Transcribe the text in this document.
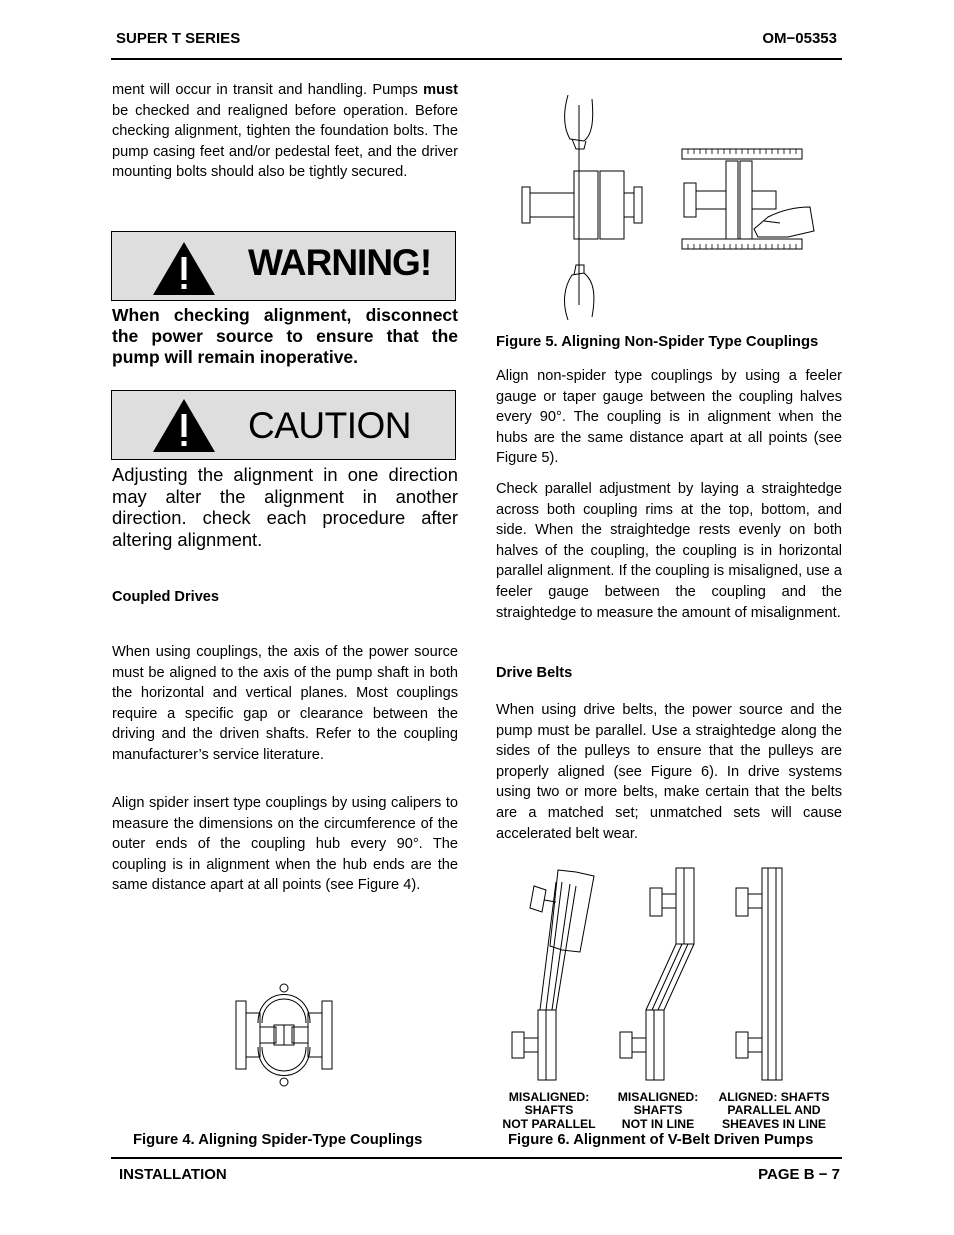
SUPER T SERIES	OM−05353

ment will occur in transit and handling. Pumps must be checked and realigned before operation. Before checking alignment, tighten the foundation bolts. The pump casing feet and/or pedestal feet, and the driver mounting bolts should also be tightly secured.

WARNING!
When checking alignment, disconnect the power source to ensure that the pump will remain inoperative.
CAUTION
Adjusting the alignment in one direction may alter the alignment in another direction. check each procedure after altering alignment.
Coupled Drives

When using couplings, the axis of the power source must be aligned to the axis of the pump shaft in both the horizontal and vertical planes. Most couplings require a specific gap or clearance between the driving and the driven shafts. Refer to the coupling manufacturer’s service literature.

Align spider insert type couplings by using calipers to measure the dimensions on the circumference of the outer ends of the coupling hub every 90°. The coupling is in alignment when the hub ends are the same distance apart at all points (see Figure 4).

Figure 4. Aligning Spider-Type Couplings
Figure 5. Aligning Non-Spider Type Couplings

Align non-spider type couplings by using a feeler gauge or taper gauge between the coupling halves every 90°. The coupling is in alignment when the hubs are the same distance apart at all points (see Figure 5).

Check parallel adjustment by laying a straightedge across both coupling rims at the top, bottom, and side. When the straightedge rests evenly on both halves of the coupling, the coupling is in horizontal parallel alignment. If the coupling is misaligned, use a feeler gauge between the coupling and the straightedge to measure the amount of misalignment.

Drive Belts

When using drive belts, the power source and the pump must be parallel. Use a straightedge along the sides of the pulleys to ensure that the pulleys are properly aligned (see Figure 6). In drive systems using two or more belts, make certain that the belts are a matched set; unmatched sets will cause accelerated belt wear.

MISALIGNED:
SHAFTS
NOT PARALLEL
MISALIGNED:
SHAFTS
NOT IN LINE
ALIGNED: SHAFTS
PARALLEL AND
SHEAVES IN LINE
Figure 6. Alignment of V-Belt Driven Pumps
INSTALLATION	PAGE B − 7
